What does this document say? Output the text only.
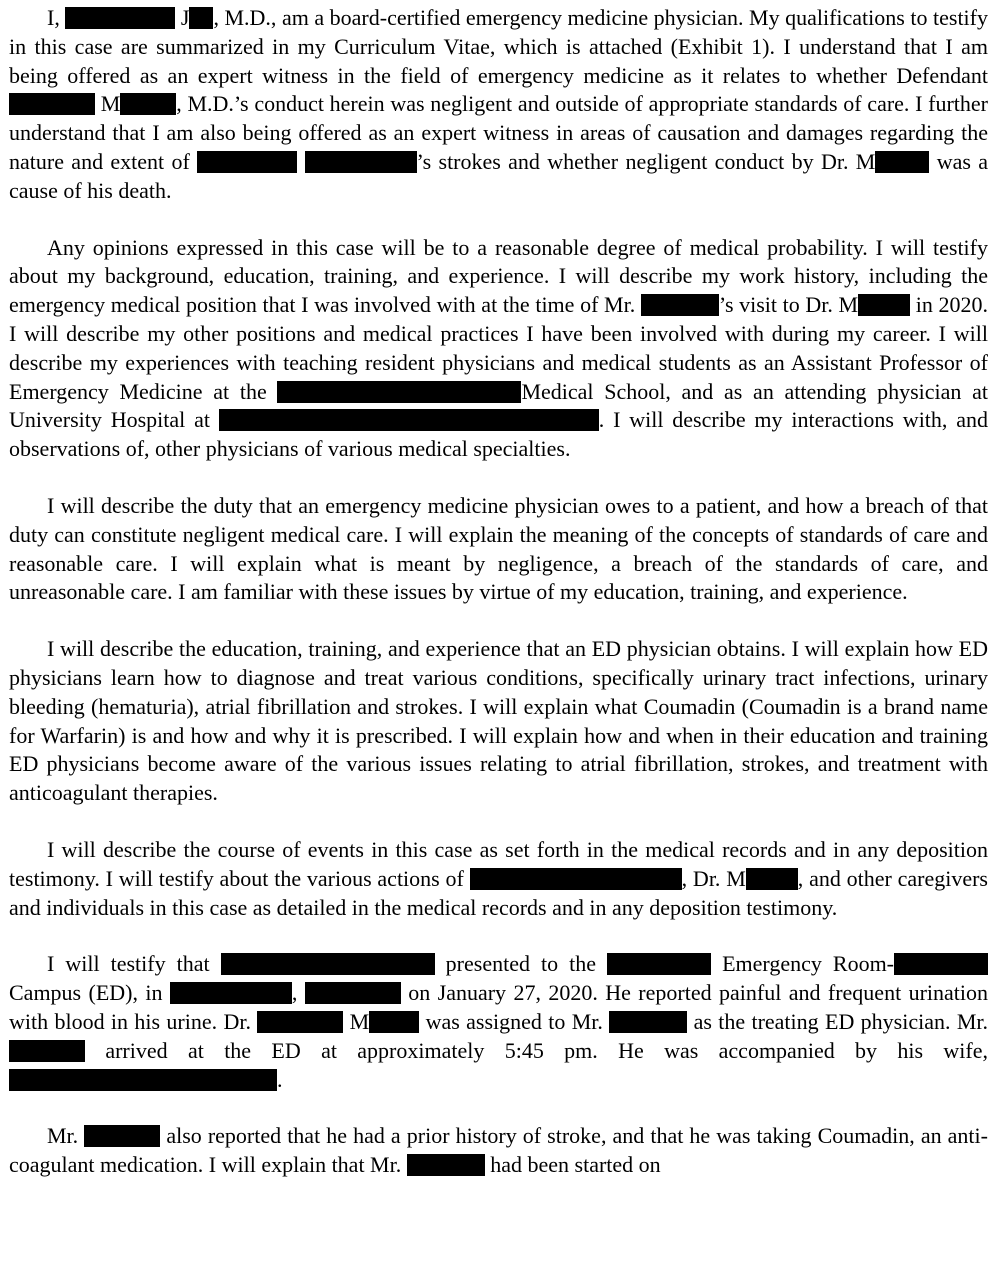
I,	J , M.D., am a board-certified emergency medicine physician. My qualifications to testify in this case are summarized in my Curriculum Vitae, which is attached (Exhibit 1). I understand that I am being offered as an expert witness in the field of emergency medicine as it relates to whether Defendant  M	, M.D.’s conduct herein was negligent and outside of appropriate standards of care. I further understand that I am also being offered as an expert witness in areas of causation and damages regarding the nature and extent of	’s strokes and whether negligent conduct by Dr. M was a cause of his death.

Any opinions expressed in this case will be to a reasonable degree of medical probability. I will testify about my background, education, training, and experience. I will describe my work history, including the emergency medical position that I was involved with at the time of Mr.	’s visit to Dr. M in 2020. I will describe my other positions and medical practices I have been involved with during my career. I will describe my experiences with teaching resident physicians and medical students as an Assistant Professor of Emergency Medicine at the	Medical School, and as an attending physician at University Hospital at	. I will describe my interactions with, and observations of, other physicians of various medical specialties.

I will describe the duty that an emergency medicine physician owes to a patient, and how a breach of that duty can constitute negligent medical care. I will explain the meaning of the concepts of standards of care and reasonable care. I will explain what is meant by negligence, a breach of the standards of care, and unreasonable care. I am familiar with these issues by virtue of my education, training, and experience.

I will describe the education, training, and experience that an ED physician obtains. I will explain how ED physicians learn how to diagnose and treat various conditions, specifically urinary tract infections, urinary bleeding (hematuria), atrial fibrillation and strokes. I will explain what Coumadin (Coumadin is a brand name for Warfarin) is and how and why it is prescribed. I will explain how and when in their education and training ED physicians become aware of the various issues relating to atrial fibrillation, strokes, and treatment with anticoagulant therapies.

I will describe the course of events in this case as set forth in the medical records and in any deposition testimony. I will testify about the various actions of	, Dr. M , and other caregivers and individuals in this case as detailed in the medical records and in any deposition testimony.

I will testify that	presented to the	Emergency Room- Campus (ED), in	,	on January 27, 2020. He reported painful and frequent urination with blood in his urine. Dr.	M was assigned to Mr.	as the treating ED physician. Mr.  arrived at the ED at approximately 5:45 pm. He was accompanied by his wife, .

Mr.	also reported that he had a prior history of stroke, and that he was taking Coumadin, an anti-coagulant medication. I will explain that Mr.	had been started on
